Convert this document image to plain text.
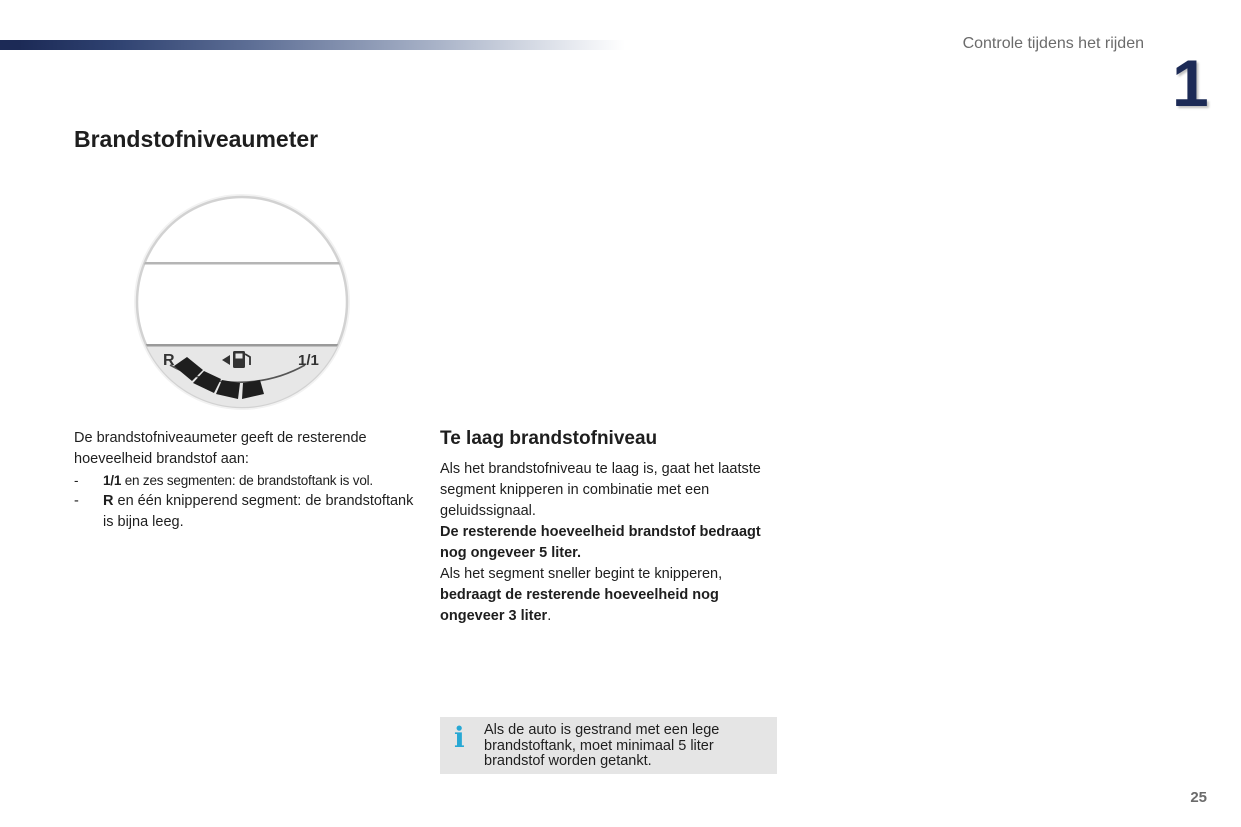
Controle tijdens het rijden
1
Brandstofniveaumeter
R	1/1

De brandstofniveaumeter geeft de resterende hoeveelheid brandstof aan:

- 1/1 en zes segmenten: de brandstoftank is vol.
- R en één knipperend segment: de brandstoftank is bijna leeg.
Te laag brandstofniveau

Als het brandstofniveau te laag is, gaat het laatste segment knipperen in combinatie met een geluidssignaal.

De resterende hoeveelheid brandstof bedraagt nog ongeveer 5 liter.

Als het segment sneller begint te knipperen, bedraagt de resterende hoeveelheid nog ongeveer 3 liter.

i Als de auto is gestrand met een lege brandstoftank, moet minimaal 5 liter brandstof worden getankt.
25
